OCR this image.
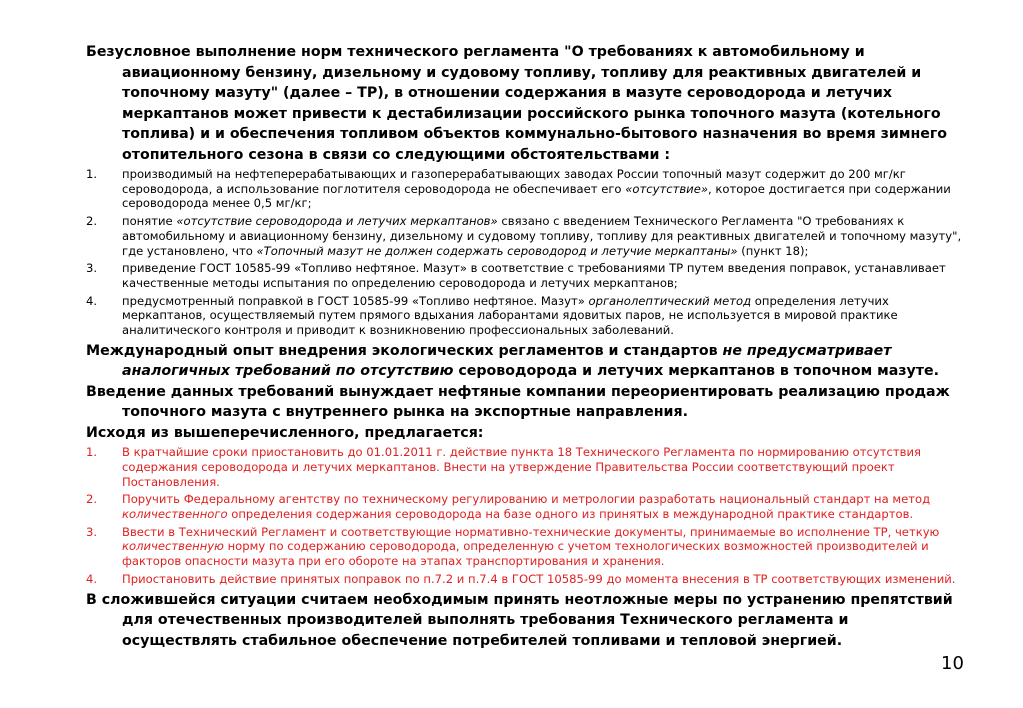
Безусловное выполнение норм технического регламента "О требованиях к автомобильному и авиационному бензину, дизельному и судовому топливу, топливу для реактивных двигателей и топочному мазуту" (далее – ТР), в отношении содержания в мазуте сероводорода и летучих меркаптанов может привести к дестабилизации российского рынка топочного мазута (котельного топлива) и и обеспечения топливом объектов коммунально-бытового назначения во время зимнего отопительного сезона в связи со следующими обстоятельствами :

1. производимый на нефтеперерабатывающих и газоперерабатывающих заводах России топочный мазут содержит до 200 мг/кг сероводорода, а использование поглотителя сероводорода не обеспечивает его «отсутствие», которое достигается при содержании сероводорода менее 0,5 мг/кг;
2. понятие «отсутствие сероводорода и летучих меркаптанов» связано с введением Технического Регламента "О требованиях к автомобильному и авиационному бензину, дизельному и судовому топливу, топливу для реактивных двигателей и топочному мазуту", где установлено, что «Топочный мазут не должен содержать сероводород и летучие меркаптаны» (пункт 18);
3. приведение ГОСТ 10585-99 «Топливо нефтяное. Мазут» в соответствие с требованиями ТР путем введения поправок, устанавливает качественные методы испытания по определению сероводорода и летучих меркаптанов;
4. предусмотренный поправкой в ГОСТ 10585-99 «Топливо нефтяное. Мазут» органолептический метод определения летучих меркаптанов, осуществляемый путем прямого вдыхания лаборантами ядовитых паров, не используется в мировой практике аналитического контроля и приводит к возникновению профессиональных заболеваний.

Международный опыт внедрения экологических регламентов и стандартов не предусматривает аналогичных требований по отсутствию сероводорода и летучих меркаптанов в топочном мазуте.

Введение данных требований вынуждает нефтяные компании переориентировать реализацию продаж топочного мазута с внутреннего рынка на экспортные направления.

Исходя из вышеперечисленного, предлагается:

1. В кратчайшие сроки приостановить до 01.01.2011 г. действие пункта 18 Технического Регламента по нормированию отсутствия содержания сероводорода и летучих меркаптанов. Внести на утверждение Правительства России соответствующий проект Постановления.
2. Поручить Федеральному агентству по техническому регулированию и метрологии разработать национальный стандарт на метод количественного определения содержания сероводорода на базе одного из принятых в международной практике стандартов.
3. Ввести в Технический Регламент и соответствующие нормативно-технические документы, принимаемые во исполнение ТР, четкую количественную норму по содержанию сероводорода, определенную с учетом технологических возможностей производителей и факторов опасности мазута при его обороте на этапах транспортирования и хранения.
4. Приостановить действие принятых поправок по п.7.2 и п.7.4 в ГОСТ 10585-99 до момента внесения в ТР соответствующих изменений.

В сложившейся ситуации считаем необходимым принять неотложные меры по устранению препятствий для отечественных производителей выполнять требования Технического регламента и осуществлять стабильное обеспечение потребителей топливами и тепловой энергией.

10
